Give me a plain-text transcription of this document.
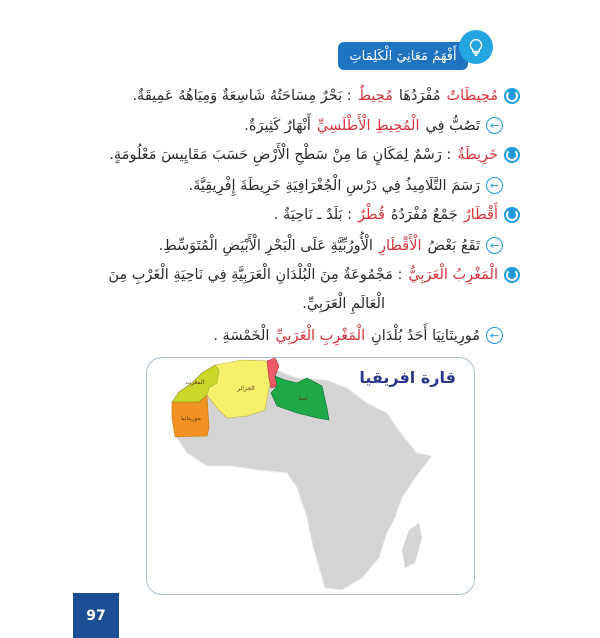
أَفْهَمُ مَعَانِيَ الْكَلِمَاتِ
مُحِيطَاتٌ
مُفْرَدُهَا
مُحِيطٌ
: بَحْرٌ مِسَاحَتُهُ شَاسِعَةٌ وَمِيَاهُهُ عَمِيقَةٌ.
←
تَصُبُّ فِي
الْمُحِيطِ الْأَطْلَسِيِّ
أَنْهَارٌ كَثِيرَةٌ.
خَرِيطَةٌ
: رَسْمٌ لِمَكَانٍ مَا مِنْ سَطْحِ الْأَرْضِ حَسَبَ مَقَايِيسَ مَعْلُومَةٍ.
←
رَسَمَ التَّلَامِيذُ فِي دَرْسِ الْجُغْرَافِيَةِ خَرِيطَةَ إِفْرِيقِيَّةَ.
أَقْطَارٌ
جَمْعٌ مُفْرَدُهُ
قُطْرٌ
: بَلَدٌ ـ نَاحِيَةٌ .
←
تَقَعُ بَعْضُ
الْأَقْطَارِ
الْأُورُبِّيَّةِ عَلَى الْبَحْرِ الْأَبْيَضِ الْمُتَوَسِّطِ.
الْمَغْرِبُ الْعَرَبِيُّ
: مَجْمُوعَةٌ مِنَ الْبُلْدَانِ الْعَرَبِيَّةِ فِي نَاحِيَةِ الْغَرْبِ مِنَ
الْعَالَمِ الْعَرَبِيِّ.
←
مُورِيتَانِيَا أَحَدُ بُلْدَانِ
الْمَغْرِبِ الْعَرَبِيِّ
الْخَمْسَةِ .
قارة افريقيا
موريتانيا
المغرب
الجزائر
ليبيا
97
